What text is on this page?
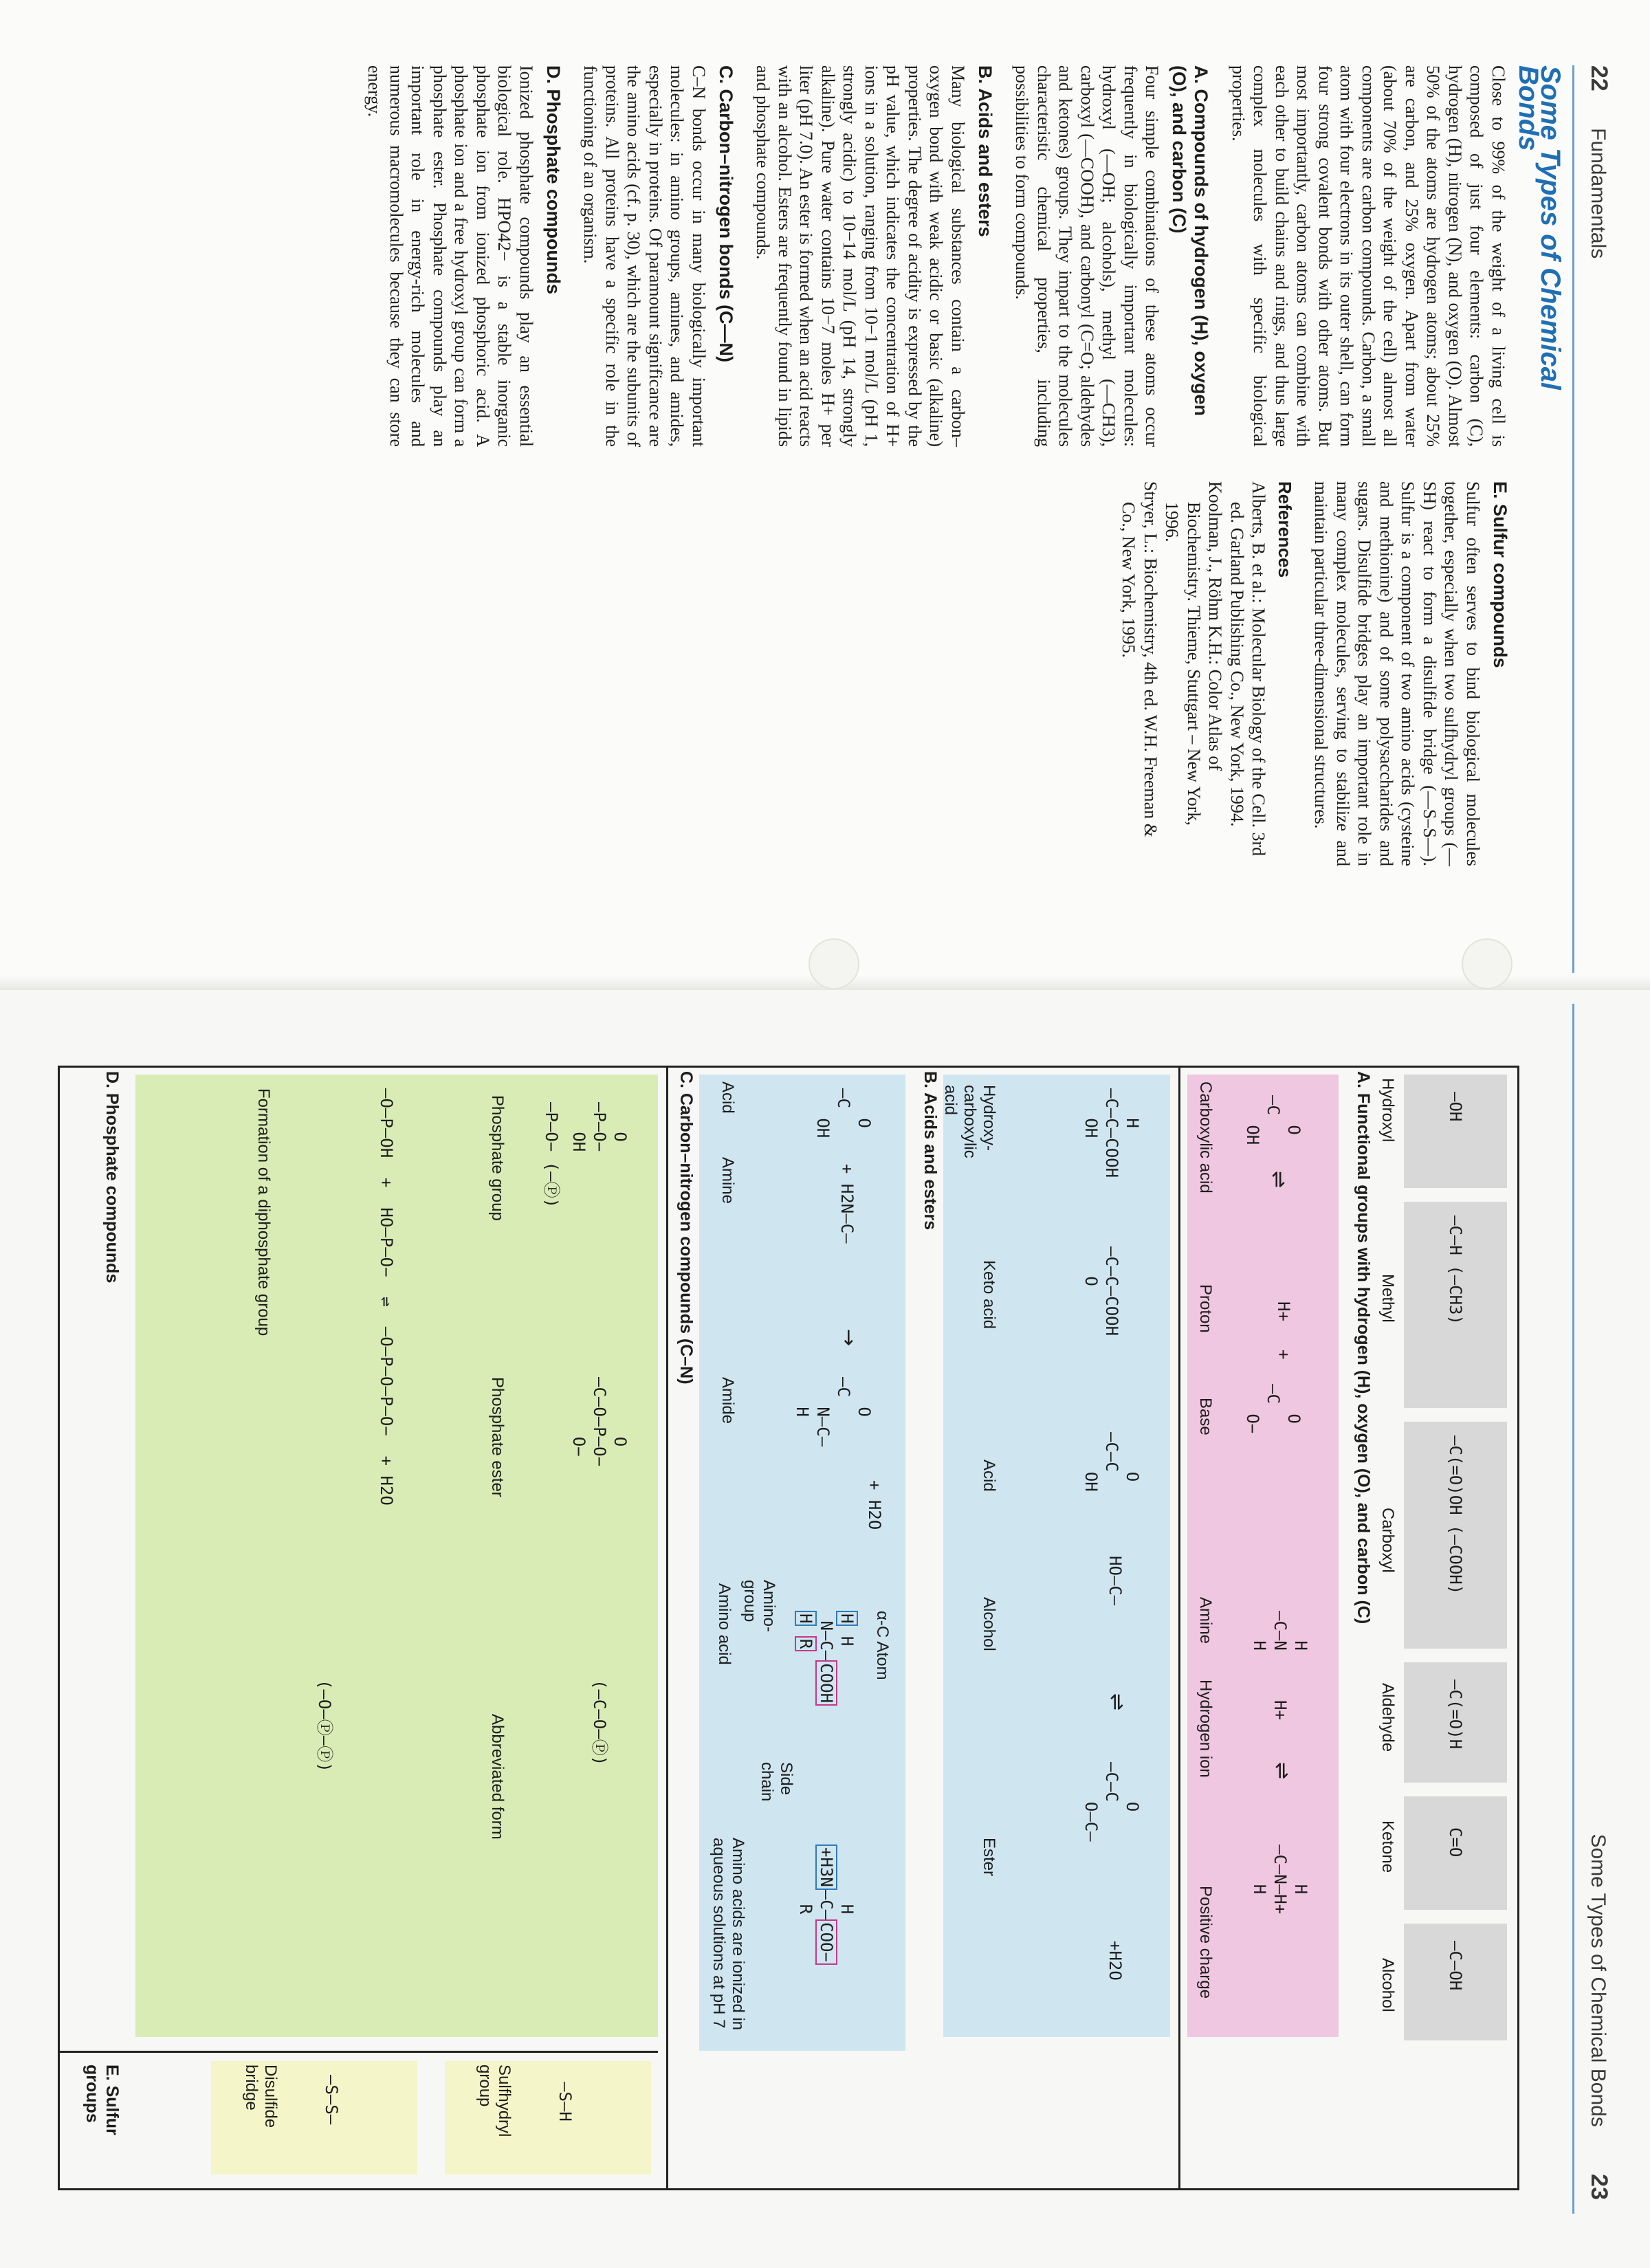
22 Fundamentals
Some Types of Chemical Bonds

Close to 99% of the weight of a living cell is composed of just four elements: carbon (C), hydrogen (H), nitrogen (N), and oxygen (O). Almost 50% of the atoms are hydrogen atoms; about 25% are carbon, and 25% oxygen. Apart from water (about 70% of the weight of the cell) almost all components are carbon compounds. Carbon, a small atom with four electrons in its outer shell, can form four strong covalent bonds with other atoms. But most importantly, carbon atoms can combine with each other to build chains and rings, and thus large complex molecules with specific biological properties.

A. Compounds of hydrogen (H), oxygen (O), and carbon (C)

Four simple combinations of these atoms occur frequently in biologically important molecules: hydroxyl (—OH; alcohols), methyl (—CH3), carboxyl (—COOH), and carbonyl (C=O; aldehydes and ketones) groups. They impart to the molecules characteristic chemical properties, including possibilities to form compounds.

B. Acids and esters

Many biological substances contain a carbon–oxygen bond with weak acidic or basic (alkaline) properties. The degree of acidity is expressed by the pH value, which indicates the concentration of H+ ions in a solution, ranging from 10−1 mol/L (pH 1, strongly acidic) to 10−14 mol/L (pH 14, strongly alkaline). Pure water contains 10−7 moles H+ per liter (pH 7.0). An ester is formed when an acid reacts with an alcohol. Esters are frequently found in lipids and phosphate compounds.

C. Carbon–nitrogen bonds (C—N)

C–N bonds occur in many biologically important molecules: in amino groups, amines, and amides, especially in proteins. Of paramount significance are the amino acids (cf. p. 30), which are the subunits of proteins. All proteins have a specific role in the functioning of an organism.

D. Phosphate compounds

Ionized phosphate compounds play an essential biological role. HPO42− is a stable inorganic phosphate ion from ionized phosphoric acid. A phosphate ion and a free hydroxyl group can form a phosphate ester. Phosphate compounds play an important role in energy-rich molecules and numerous macromolecules because they can store energy.

E. Sulfur compounds

Sulfur often serves to bind biological molecules together, especially when two sulfhydryl groups (—SH) react to form a disulfide bridge (—S–S—). Sulfur is a component of two amino acids (cysteine and methionine) and of some polysaccharides and sugars. Disulfide bridges play an important role in many complex molecules, serving to stabilize and maintain particular three-dimensional structures.

References

Alberts, B. et al.: Molecular Biology of the Cell. 3rd ed. Garland Publishing Co., New York, 1994.

Koolman, J., Röhm K.H.: Color Atlas of Biochemistry. Thieme, Stuttgart – New York, 1996.

Stryer, L.: Biochemistry, 4th ed. W.H. Freeman & Co., New York, 1995.

Some Types of Chemical Bonds 23
—OH
—C—H (—CH3)
—C(=O)OH (—COOH)
—C(=O)H
C=O
—C—OH
Hydroxyl
Methyl
Carboxyl
Aldehyde
Ketone
Alcohol
A. Functional groups with hydrogen (H), oxygen (O), and carbon (C)
O
—C
OH
⇌
H+
+
O
—C
O−
Carboxylic acid
Proton
Base
H
—C—N
H
H+
⇌
H
—C—N—H+
H
Amine
Hydrogen ion
Positive charge
H
—C—C—COOH
OH

—C—C—COOH
O
O
—C—C
OH
HO—C—
⇌
O
—C—C
O—C—
+H2O
Hydroxy-carboxylic acid
Keto acid
Acid
Alcohol
Ester
B. Acids and esters
O
—C
OH
+ H2N—C—
→
O
—C
N—C—
H
+ H2O
α-C Atom
H H
N—C—COOH
H R
Side chain
H
+H3N—C—COO−
R
Acid
Amine
Amide
Amino-group
Amino acid
Amino acids are ionized in aqueous solutions at pH 7
C. Carbon–nitrogen compounds (C–N)
O
—P—O−
OH
—P—O− (—Ⓟ)
Phosphate group
O
—C—O—P—O−
O−
Phosphate ester
(—C—O—Ⓟ)
Abbreviated form
—O—P—OH  +  HO—P—O−  ⇌  —O—P—O—P—O−  + H2O
(—O—Ⓟ—Ⓟ)
Formation of a diphosphate group
D. Phosphate compounds
—S—H
Sulfhydryl group
—S—S—
Disulfide bridge
E. Sulfur groups
